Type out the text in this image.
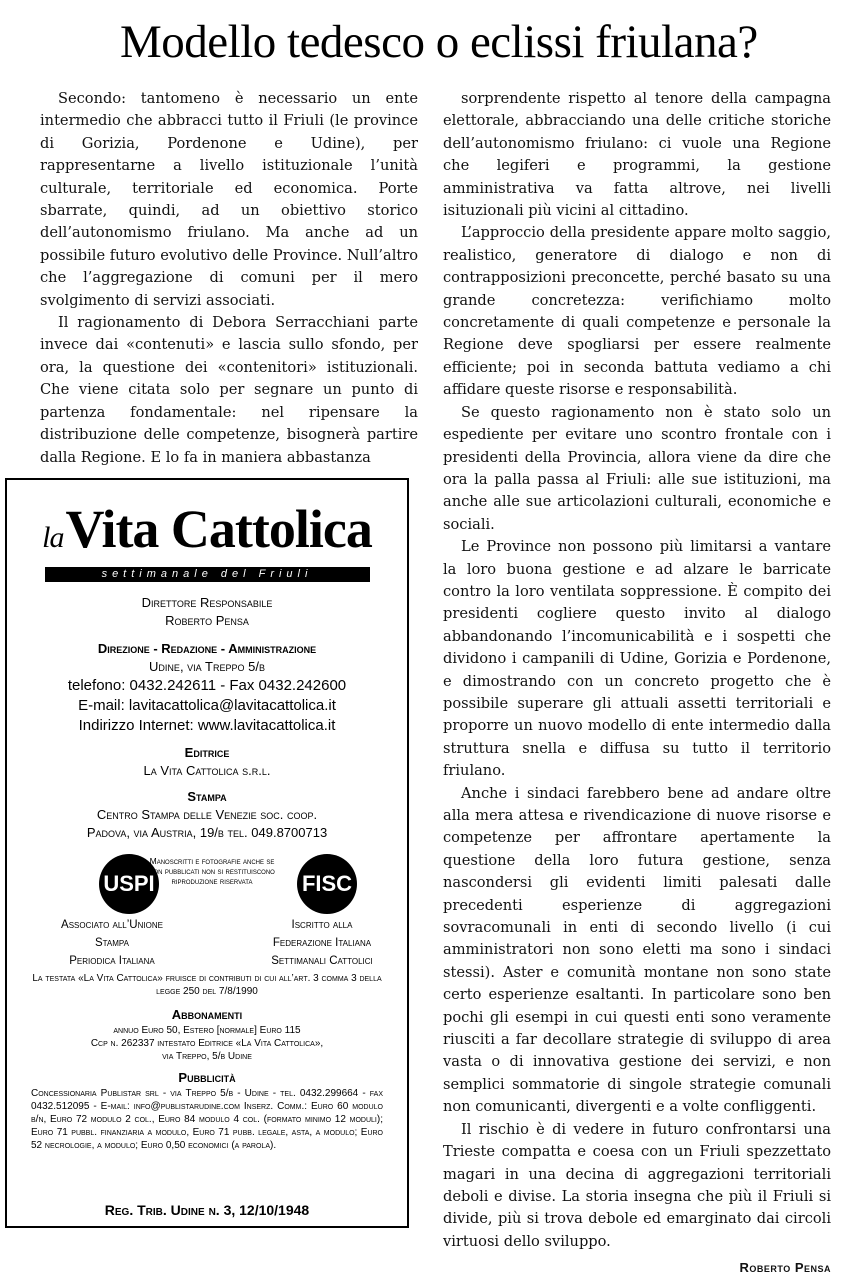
Modello tedesco o eclissi friulana?

Secondo: tantomeno è necessario un ente intermedio che abbracci tutto il Friuli (le province di Gorizia, Pordenone e Udine), per rappresentarne a livello istituzionale l’unità culturale, territoriale ed economica. Porte sbarrate, quindi, ad un obiettivo storico dell’autonomismo friulano. Ma anche ad un possibile futuro evolutivo delle Province. Null’altro che l’aggregazione di comuni per il mero svolgimento di servizi associati.

Il ragionamento di Debora Serracchiani parte invece dai «contenuti» e lascia sullo sfondo, per ora, la questione dei «contenitori» istituzionali. Che viene citata solo per segnare un punto di partenza fondamentale: nel ripensare la distribuzione delle competenze, bisognerà partire dalla Regione. E lo fa in maniera abbastanza

sorprendente rispetto al tenore della campagna elettorale, abbracciando una delle critiche storiche dell’autonomismo friulano: ci vuole una Regione che legiferi e programmi, la gestione amministrativa va fatta altrove, nei livelli isituzionali più vicini al cittadino.

L’approccio della presidente appare molto saggio, realistico, generatore di dialogo e non di contrapposizioni preconcette, perché basato su una grande concretezza: verifichiamo molto concretamente di quali competenze e personale la Regione deve spogliarsi per essere realmente efficiente; poi in seconda battuta vediamo a chi affidare queste risorse e responsabilità.

Se questo ragionamento non è stato solo un espediente per evitare uno scontro frontale con i presidenti della Provincia, allora viene da dire che ora la palla passa al Friuli: alle sue istituzioni, ma anche alle sue articolazioni culturali, economiche e sociali.

Le Province non possono più limitarsi a vantare la loro buona gestione e ad alzare le barricate contro la loro ventilata soppressione. È compito dei presidenti cogliere questo invito al dialogo abbandonando l’incomunicabilità e i sospetti che dividono i campanili di Udine, Gorizia e Pordenone, e dimostrando con un concreto progetto che è possibile superare gli attuali assetti territoriali e proporre un nuovo modello di ente intermedio dalla struttura snella e diffusa su tutto il territorio friulano.

Anche i sindaci farebbero bene ad andare oltre alla mera attesa e rivendicazione di nuove risorse e competenze per affrontare apertamente la questione della loro futura gestione, senza nascondersi gli evidenti limiti palesati dalle precedenti esperienze di aggregazioni sovracomunali in enti di secondo livello (i cui amministratori non sono eletti ma sono i sindaci stessi). Aster e comunità montane non sono state certo esperienze esaltanti. In particolare sono ben pochi gli esempi in cui questi enti sono veramente riusciti a far decollare strategie di sviluppo di area vasta o di innovativa gestione dei servizi, e non semplici sommatorie di singole strategie comunali non comunicanti, divergenti e a volte confliggenti.

Il rischio è di vedere in futuro confrontarsi una Trieste compatta e coesa con un Friuli spezzettato magari in una decina di aggregazioni territoriali deboli e divise. La storia insegna che più il Friuli si divide, più si trova debole ed emarginato dai circoli virtuosi dello sviluppo.

Roberto Pensa
laVita Cattolica
settimanale del Friuli
Direttore Responsabile
Roberto Pensa
Direzione - Redazione - Amministrazione
Udine, via Treppo 5/b
telefono: 0432.242611 - Fax 0432.242600
E-mail: lavitacattolica@lavitacattolica.it
Indirizzo Internet: www.lavitacattolica.it
Editrice
La Vita Cattolica s.r.l.
Stampa
Centro Stampa delle Venezie soc. coop.
Padova, via Austria, 19/b tel. 049.8700713
USPI
Manoscritti e fotografie anche se non pubblicati non si restituiscono riproduzione riservata	FISC
Associato all’Unione
Stampa
Periodica Italiana
Iscritto alla
Federazione Italiana
Settimanali Cattolici
La testata «La Vita Cattolica» fruisce di contributi di cui all’art. 3 comma 3 della legge 250 del 7/8/1990
Abbonamenti
annuo Euro 50, Estero [normale] Euro 115
Ccp n. 262337 intestato Editrice «La Vita Cattolica»,
via Treppo, 5/b Udine
Pubblicità
Concessionaria Publistar srl - via Treppo 5/b - Udine - tel. 0432.299664 - fax 0432.512095 - E-mail: info@publistarudine.com Inserz. Comm.: Euro 60 modulo b/n, Euro 72 modulo 2 col., Euro 84 modulo 4 col. (formato minimo 12 moduli); Euro 71 pubbl. finanziaria a modulo, Euro 71 pubb. legale, asta, a modulo; Euro 52 necrologie, a modulo; Euro 0,50 economici (a parola).
Reg. Trib. Udine n. 3, 12/10/1948
